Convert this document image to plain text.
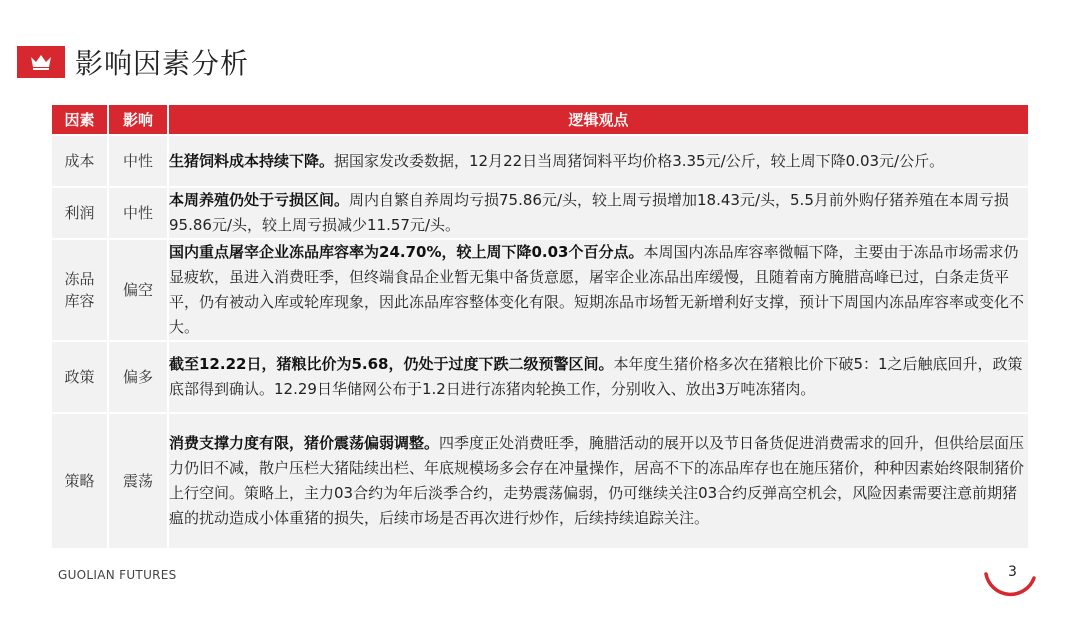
影响因素分析
因素	影响	逻辑观点
成本	中性	生猪饲料成本持续下降。据国家发改委数据，12月22日当周猪饲料平均价格3.35元/公斤，较上周下降0.03元/公斤。
利润	中性	本周养殖仍处于亏损区间。周内自繁自养周均亏损75.86元/头，较上周亏损增加18.43元/头，5.5月前外购仔猪养殖在本周亏损95.86元/头，较上周亏损减少11.57元/头。
冻品库容	偏空	国内重点屠宰企业冻品库容率为24.70%，较上周下降0.03个百分点。本周国内冻品库容率微幅下降，主要由于冻品市场需求仍显疲软，虽进入消费旺季，但终端食品企业暂无集中备货意愿，屠宰企业冻品出库缓慢，且随着南方腌腊高峰已过，白条走货平平，仍有被动入库或轮库现象，因此冻品库容整体变化有限。短期冻品市场暂无新增利好支撑，预计下周国内冻品库容率或变化不大。
政策	偏多	截至12.22日，猪粮比价为5.68，仍处于过度下跌二级预警区间。本年度生猪价格多次在猪粮比价下破5：1之后触底回升，政策底部得到确认。12.29日华储网公布于1.2日进行冻猪肉轮换工作，分别收入、放出3万吨冻猪肉。
策略	震荡	消费支撑力度有限，猪价震荡偏弱调整。四季度正处消费旺季，腌腊活动的展开以及节日备货促进消费需求的回升，但供给层面压力仍旧不减，散户压栏大猪陆续出栏、年底规模场多会存在冲量操作，居高不下的冻品库存也在施压猪价，种种因素始终限制猪价上行空间。策略上，主力03合约为年后淡季合约，走势震荡偏弱，仍可继续关注03合约反弹高空机会，风险因素需要注意前期猪瘟的扰动造成小体重猪的损失，后续市场是否再次进行炒作，后续持续追踪关注。
GUOLIAN FUTURES	3
